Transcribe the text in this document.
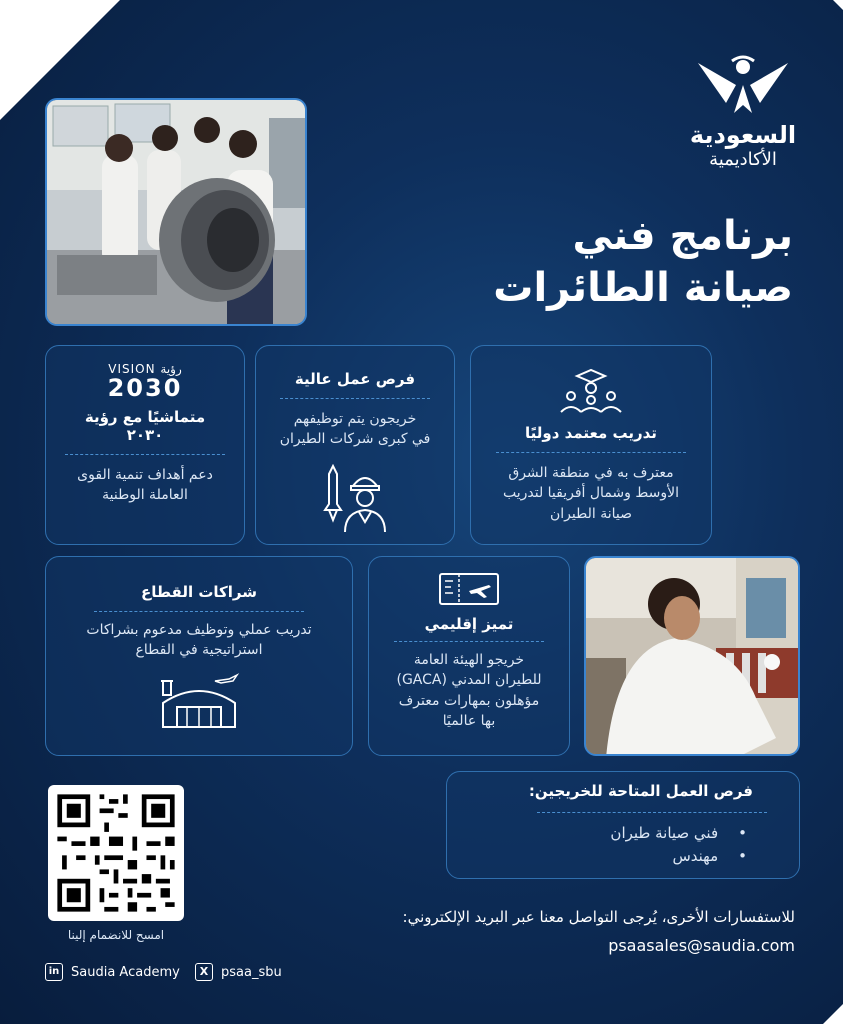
السعودية
الأكاديمية
برنامج فني
صيانة الطائرات
VISION رؤية
2030
متماشيًا مع رؤية
٢٠٣٠
دعم أهداف تنمية القوى
العاملة الوطنية
فرص عمل عالية
خريجون يتم توظيفهم
في كبرى شركات الطيران	تدريب معتمد دوليًا
معترف به في منطقة الشرق
الأوسط وشمال أفريقيا لتدريب
صيانة الطيران
شراكات القطاع
تدريب عملي وتوظيف مدعوم بشراكات
استراتيجية في القطاع
تميز إقليمي
خريجو الهيئة العامة
للطيران المدني (GACA)
مؤهلون بمهارات معترف
بها عالميًا
فرص العمل المتاحة للخريجين:
•فني صيانة طيران
•مهندس
امسح للانضمام إلينا
للاستفسارات الأخرى، يُرجى التواصل معنا عبر البريد الإلكتروني:
psaasales@saudia.com
in Saudia Academy	X psaa_sbu
